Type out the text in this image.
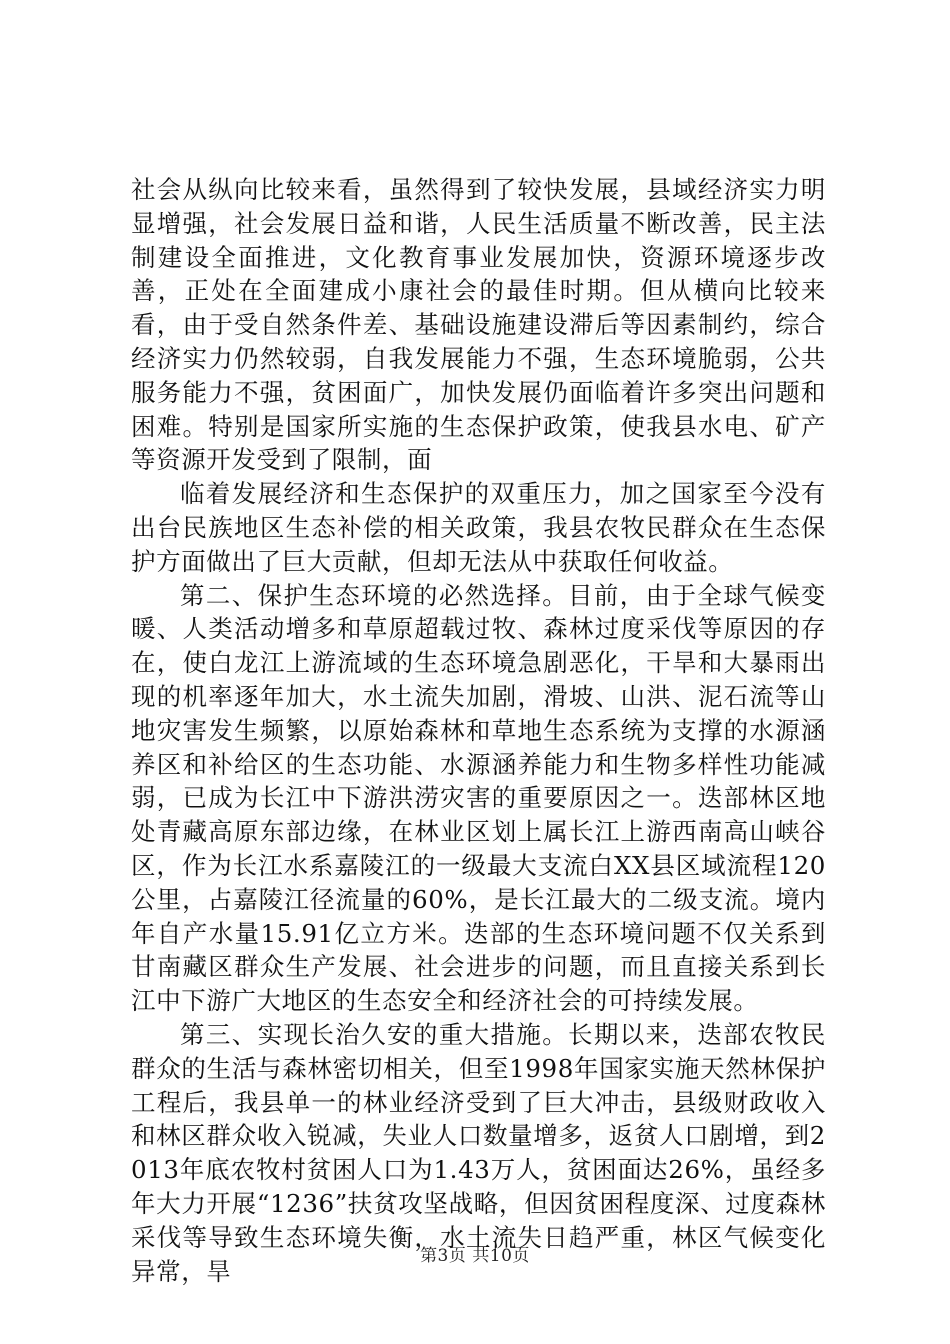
社会从纵向比较来看，虽然得到了较快发展，县域经济实力明显增强，社会发展日益和谐，人民生活质量不断改善，民主法制建设全面推进，文化教育事业发展加快，资源环境逐步改善，正处在全面建成小康社会的最佳时期。但从横向比较来看，由于受自然条件差、基础设施建设滞后等因素制约，综合经济实力仍然较弱，自我发展能力不强，生态环境脆弱，公共服务能力不强，贫困面广，加快发展仍面临着许多突出问题和困难。特别是国家所实施的生态保护政策，使我县水电、矿产等资源开发受到了限制，面

临着发展经济和生态保护的双重压力，加之国家至今没有出台民族地区生态补偿的相关政策，我县农牧民群众在生态保护方面做出了巨大贡献，但却无法从中获取任何收益。

第二、保护生态环境的必然选择。目前，由于全球气候变暖、人类活动增多和草原超载过牧、森林过度采伐等原因的存在，使白龙江上游流域的生态环境急剧恶化，干旱和大暴雨出现的机率逐年加大，水土流失加剧，滑坡、山洪、泥石流等山地灾害发生频繁，以原始森林和草地生态系统为支撑的水源涵养区和补给区的生态功能、水源涵养能力和生物多样性功能减弱，已成为长江中下游洪涝灾害的重要原因之一。迭部林区地处青藏高原东部边缘，在林业区划上属长江上游西南高山峡谷区，作为长江水系嘉陵江的一级最大支流白XX县区域流程120公里，占嘉陵江径流量的60%，是长江最大的二级支流。境内年自产水量15.91亿立方米。迭部的生态环境问题不仅关系到甘南藏区群众生产发展、社会进步的问题，而且直接关系到长江中下游广大地区的生态安全和经济社会的可持续发展。

第三、实现长治久安的重大措施。长期以来，迭部农牧民群众的生活与森林密切相关，但至1998年国家实施天然林保护工程后，我县单一的林业经济受到了巨大冲击，县级财政收入和林区群众收入锐减，失业人口数量增多，返贫人口剧增，到2013年底农牧村贫困人口为1.43万人，贫困面达26%，虽经多年大力开展“1236”扶贫攻坚战略，但因贫困程度深、过度森林采伐等导致生态环境失衡，水土流失日趋严重，林区气候变化异常，旱

第3页 共10页
